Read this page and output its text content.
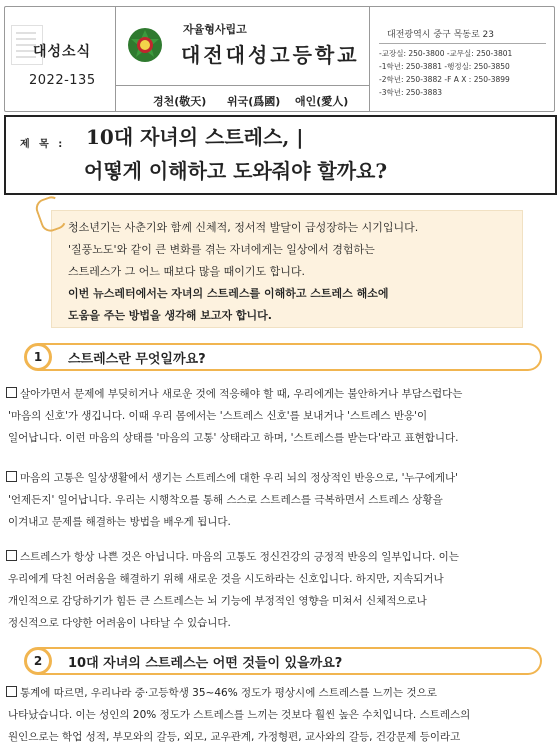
대성소식
2022-135
자율형사립고
대전대성고등학교
경천(敬天) 위국(爲國) 애인(愛人)
대전광역시 중구 목동로 23
-교장실: 250-3800 -교무실: 250-3801
-1학년: 250-3881 -행정실: 250-3850
-2학년: 250-3882 -F A X : 250-3899
-3학년: 250-3883
제 목 : 10대 자녀의 스트레스, |
어떻게 이해하고 도와줘야 할까요?
청소년기는 사춘기와 함께 신체적, 정서적 발달이 급성장하는 시기입니다.
'질풍노도'와 같이 큰 변화를 겪는 자녀에게는 일상에서 경험하는
스트레스가 그 어느 때보다 많을 때이기도 합니다.
이번 뉴스레터에서는 자녀의 스트레스를 이해하고 스트레스 해소에
도움을 주는 방법을 생각해 보고자 합니다.
1	스트레스란 무엇일까요?
살아가면서 문제에 부딪히거나 새로운 것에 적응해야 할 때, 우리에게는 불안하거나 부담스럽다는
'마음의 신호'가 생깁니다. 이때 우리 몸에서는 '스트레스 신호'를 보내거나 '스트레스 반응'이
일어납니다. 이런 마음의 상태를 '마음의 고통' 상태라고 하며, '스트레스를 받는다'라고 표현합니다.
마음의 고통은 일상생활에서 생기는 스트레스에 대한 우리 뇌의 정상적인 반응으로, '누구에게나'
'언제든지' 일어납니다. 우리는 시행착오를 통해 스스로 스트레스를 극복하면서 스트레스 상황을
이겨내고 문제를 해결하는 방법을 배우게 됩니다.
스트레스가 항상 나쁜 것은 아닙니다. 마음의 고통도 정신건강의 긍정적 반응의 일부입니다. 이는
우리에게 닥친 어려움을 해결하기 위해 새로운 것을 시도하라는 신호입니다. 하지만, 지속되거나
개인적으로 감당하기가 힘든 큰 스트레스는 뇌 기능에 부정적인 영향을 미쳐서 신체적으로나
정신적으로 다양한 어려움이 나타날 수 있습니다.
2	10대 자녀의 스트레스는 어떤 것들이 있을까요?
통계에 따르면, 우리나라 중·고등학생 35~46% 정도가 평상시에 스트레스를 느끼는 것으로
나타났습니다. 이는 성인의 20% 정도가 스트레스를 느끼는 것보다 훨씬 높은 수치입니다. 스트레스의
원인으로는 학업 성적, 부모와의 갈등, 외모, 교우관계, 가정형편, 교사와의 갈등, 건강문제 등이라고
